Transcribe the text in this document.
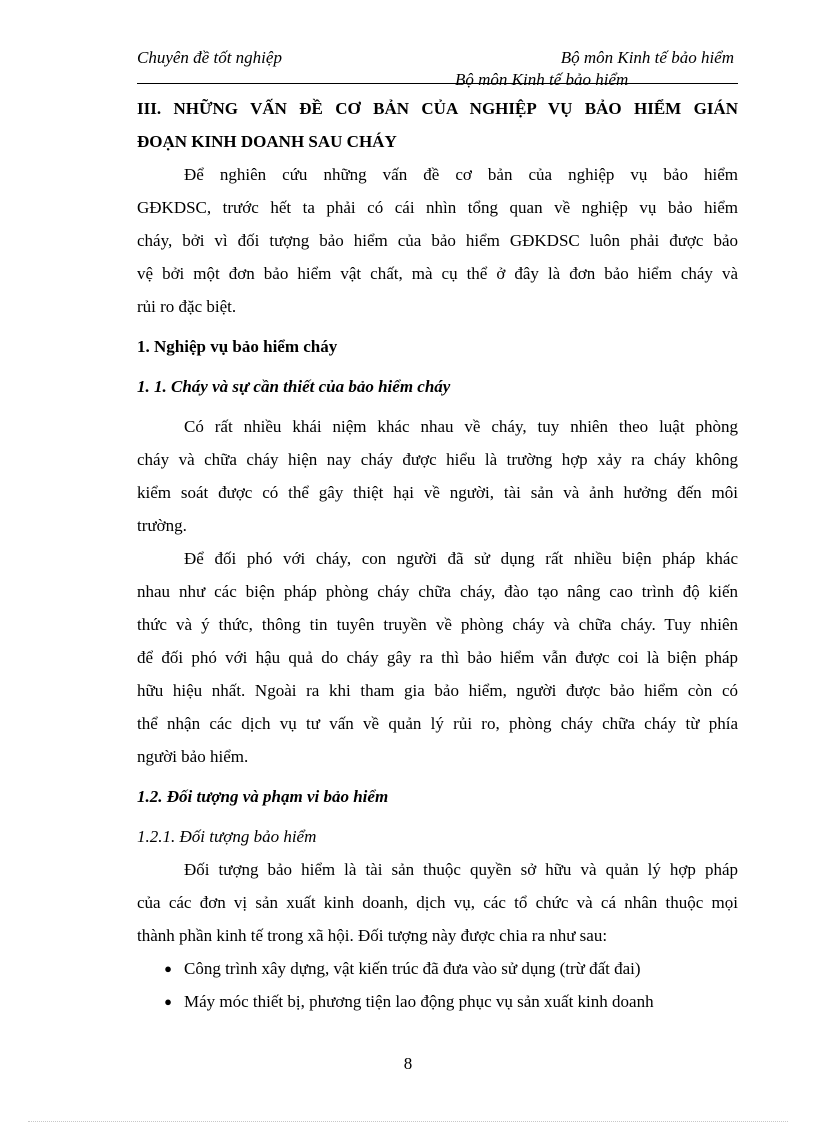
Chuyên đề tốt nghiệp	Bộ môn Kinh tế bảo hiểm
Bộ môn Kinh tế bảo hiểm
III. NHỮNG VẤN ĐỀ CƠ BẢN CỦA NGHIỆP VỤ BẢO HIỂM GIÁN
ĐOẠN KINH DOANH SAU CHÁY
Để nghiên cứu những vấn đề cơ bản của nghiệp vụ bảo hiểm
GĐKDSC, trước hết ta phải có cái nhìn tổng quan về nghiệp vụ bảo hiểm
cháy, bởi vì đối tượng bảo hiểm của bảo hiểm GĐKDSC luôn phải được bảo
vệ bởi một đơn bảo hiểm vật chất, mà cụ thể ở đây là đơn bảo hiểm cháy và
rủi ro đặc biệt.
1. Nghiệp vụ bảo hiểm cháy
1. 1. Cháy và sự cần thiết của bảo hiểm cháy
Có rất nhiều khái niệm khác nhau về cháy, tuy nhiên theo luật phòng
cháy và chữa cháy hiện nay cháy được hiểu là trường hợp xảy ra cháy không
kiểm soát được có thể gây thiệt hại về người, tài sản và ảnh hưởng đến môi
trường.
Để đối phó với cháy, con người đã sử dụng rất nhiều biện pháp khác
nhau như các biện pháp phòng cháy chữa cháy, đào tạo nâng cao trình độ kiến
thức và ý thức, thông tin tuyên truyền về phòng cháy và chữa cháy. Tuy nhiên
để đối phó với hậu quả do cháy gây ra thì bảo hiểm vẫn được coi là biện pháp
hữu hiệu nhất. Ngoài ra khi tham gia bảo hiểm, người được bảo hiểm còn có
thể nhận các dịch vụ tư vấn về quản lý rủi ro, phòng cháy chữa cháy từ phía
người bảo hiểm.
1.2. Đối tượng và phạm vi bảo hiểm
1.2.1. Đối tượng bảo hiểm
Đối tượng bảo hiểm là tài sản thuộc quyền sở hữu và quản lý hợp pháp
của các đơn vị sản xuất kinh doanh, dịch vụ, các tổ chức và cá nhân thuộc mọi
thành phần kinh tế trong xã hội. Đối tượng này được chia ra như sau:
● Công trình xây dựng, vật kiến trúc đã đưa vào sử dụng (trừ đất đai)
● Máy móc thiết bị, phương tiện lao động phục vụ sản xuất kinh doanh
8
